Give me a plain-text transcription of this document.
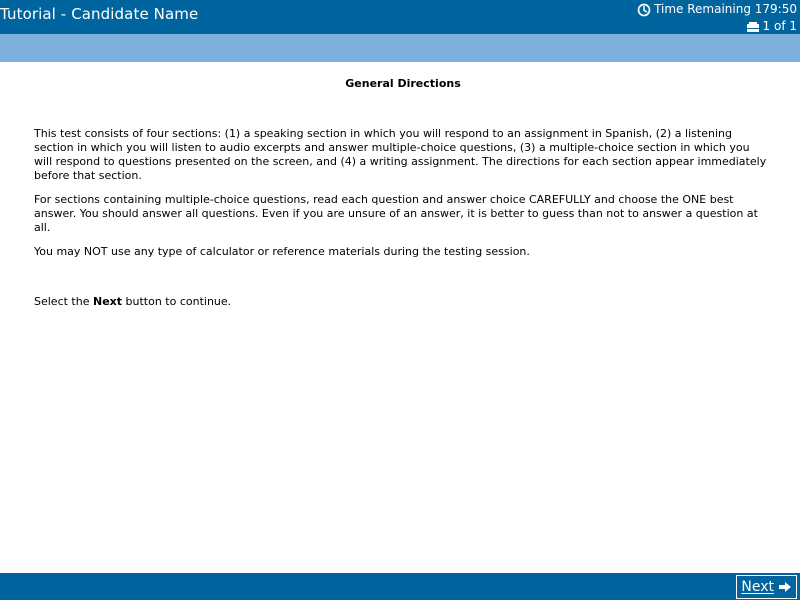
Tutorial - Candidate Name	Time Remaining 179:50
1 of 1
General Directions

This test consists of four sections: (1) a speaking section in which you will respond to an assignment in Spanish, (2) a listening section in which you will listen to audio excerpts and answer multiple-choice questions, (3) a multiple-choice section in which you will respond to questions presented on the screen, and (4) a writing assignment. The directions for each section appear immediately before that section.

For sections containing multiple-choice questions, read each question and answer choice CAREFULLY and choose the ONE best answer. You should answer all questions. Even if you are unsure of an answer, it is better to guess than not to answer a question at all.

You may NOT use any type of calculator or reference materials during the testing session.

Select the Next button to continue.

Next
